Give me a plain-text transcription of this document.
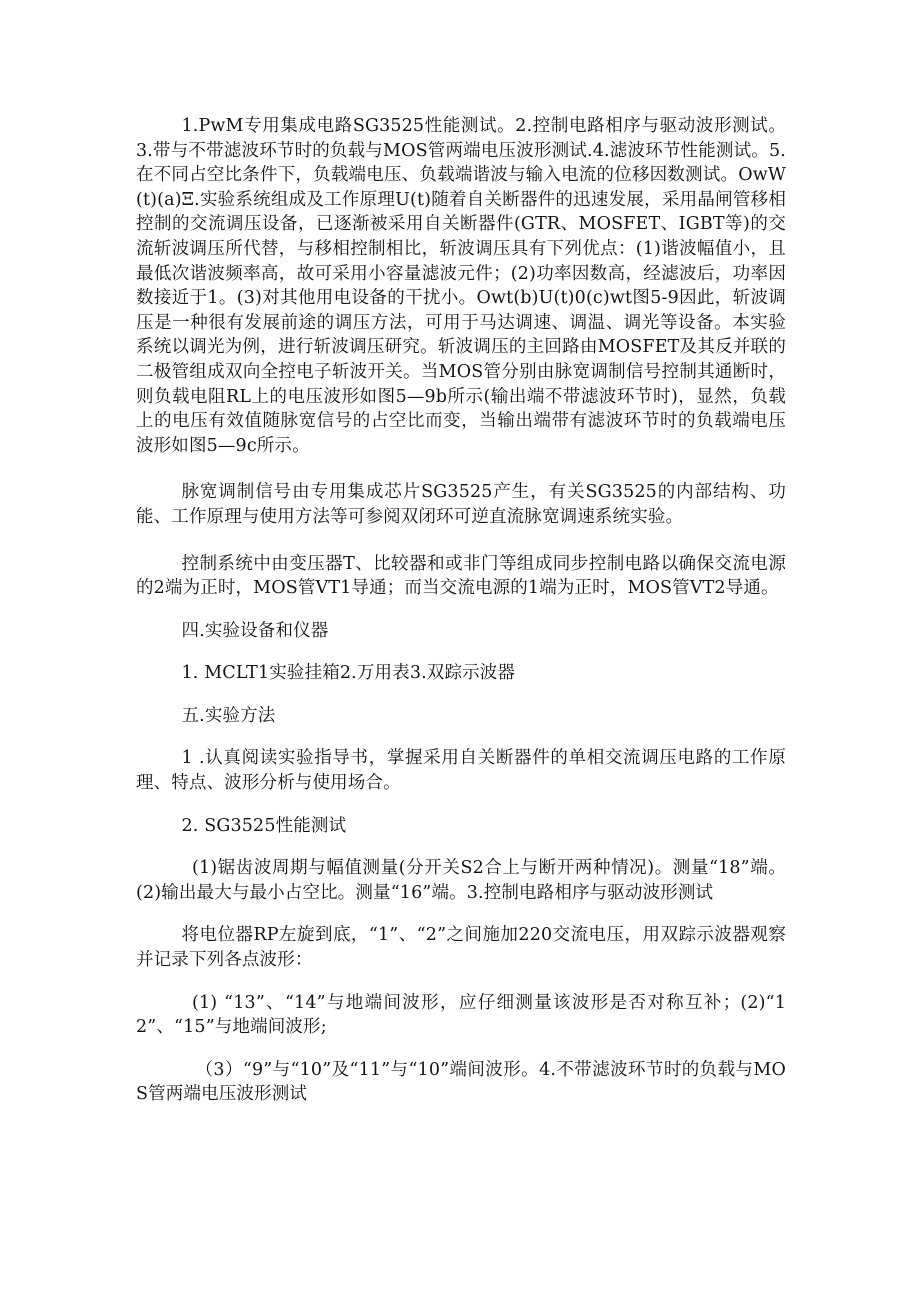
1.PwM专用集成电路SG3525性能测试。2.控制电路相序与驱动波形测试。3.带与不带滤波环节时的负载与MOS管两端电压波形测试.4.滤波环节性能测试。5.在不同占空比条件下，负载端电压、负载端谐波与输入电流的位移因数测试。OwW(t)(a)Ξ.实验系统组成及工作原理U(t)随着自关断器件的迅速发展，采用晶闸管移相控制的交流调压设备，已逐渐被采用自关断器件(GTR、MOSFET、IGBT等)的交流斩波调压所代替，与移相控制相比，斩波调压具有下列优点：(1)谐波幅值小，且最低次谐波频率高，故可采用小容量滤波元件；(2)功率因数高，经滤波后，功率因数接近于1。(3)对其他用电设备的干扰小。Owt(b)U(t)0(c)wt图5-9因此，斩波调压是一种很有发展前途的调压方法，可用于马达调速、调温、调光等设备。本实验系统以调光为例，进行斩波调压研究。斩波调压的主回路由MOSFET及其反并联的二极管组成双向全控电子斩波开关。当MOS管分别由脉宽调制信号控制其通断时，则负载电阻RL上的电压波形如图5—9b所示(输出端不带滤波环节时)，显然，负载上的电压有效值随脉宽信号的占空比而变，当输出端带有滤波环节时的负载端电压波形如图5—9c所示。

脉宽调制信号由专用集成芯片SG3525产生，有关SG3525的内部结构、功能、工作原理与使用方法等可参阅双闭环可逆直流脉宽调速系统实验。

控制系统中由变压器T、比较器和或非门等组成同步控制电路以确保交流电源的2端为正时，MOS管VT1导通；而当交流电源的1端为正时，MOS管VT2导通。

四.实验设备和仪器

1. MCLT1实验挂箱2.万用表3.双踪示波器

五.实验方法

1 .认真阅读实验指导书，掌握采用自关断器件的单相交流调压电路的工作原理、特点、波形分析与使用场合。

2. SG3525性能测试

(1)锯齿波周期与幅值测量(分开关S2合上与断开两种情况)。测量“18”端。(2)输出最大与最小占空比。测量“16”端。3.控制电路相序与驱动波形测试

将电位器RP左旋到底，“1”、“2”之间施加220交流电压，用双踪示波器观察并记录下列各点波形：

(1) “13”、“14”与地端间波形，应仔细测量该波形是否对称互补；(2)“12”、“15”与地端间波形;

（3）“9”与“10”及“11”与“10”端间波形。4.不带滤波环节时的负载与MOS管两端电压波形测试
